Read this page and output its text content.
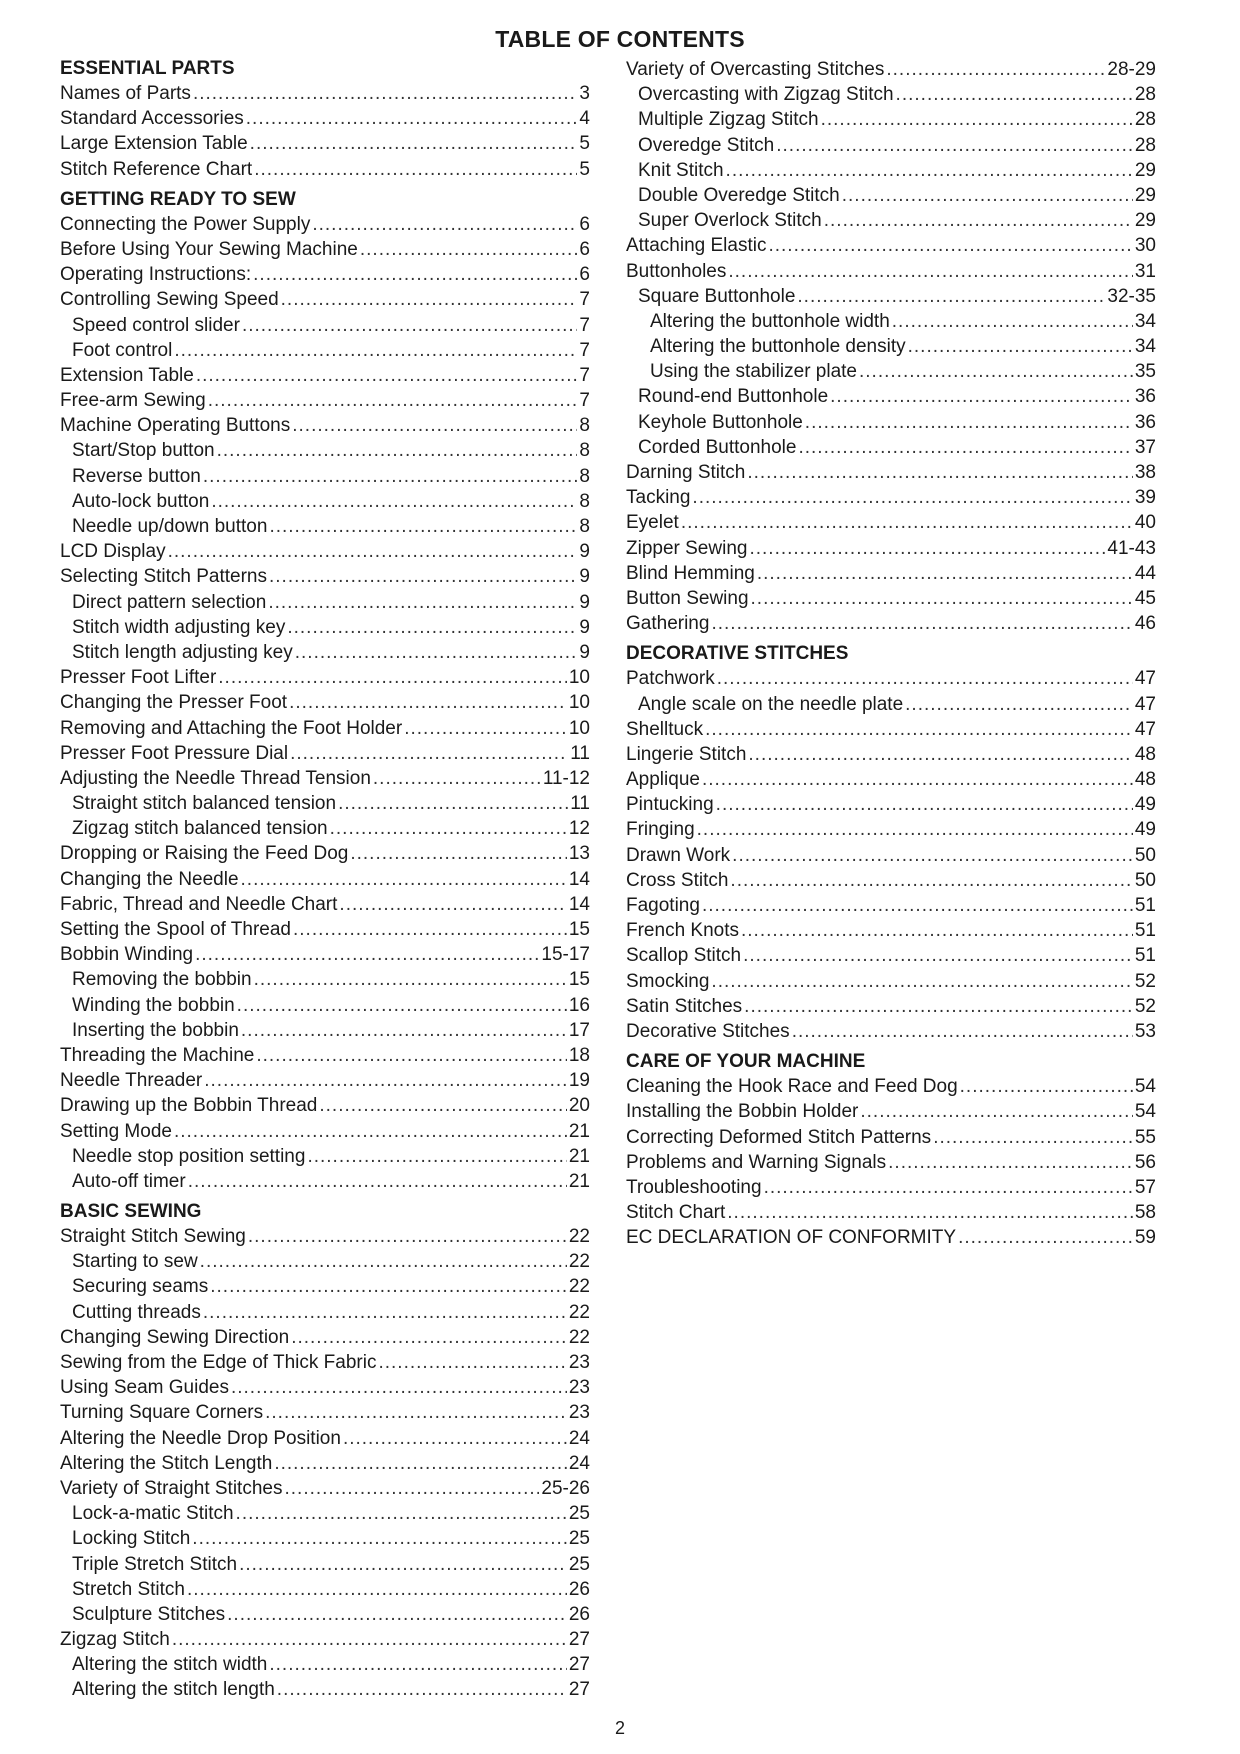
TABLE OF CONTENTS
ESSENTIAL PARTS
Names of Parts .....	3
Standard Accessories .....	4
Large Extension Table .....	5
Stitch Reference Chart .....	5
GETTING READY TO SEW
Connecting the Power Supply .....	6
Before Using Your Sewing Machine .....	6
Operating Instructions: .....	6
Controlling Sewing Speed .....	7
Speed control slider .....	7
Foot control .....	7
Extension Table .....	7
Free-arm Sewing .....	7
Machine Operating Buttons .....	8
Start/Stop button .....	8
Reverse button .....	8
Auto-lock button .....	8
Needle up/down button .....	8
LCD Display .....	9
Selecting Stitch Patterns .....	9
Direct pattern selection .....	9
Stitch width adjusting key .....	9
Stitch length adjusting key .....	9
Presser Foot Lifter .....	10
Changing the Presser Foot .....	10
Removing and Attaching the Foot Holder .....	10
Presser Foot Pressure Dial .....	11
Adjusting the Needle Thread Tension .....	11-12
Straight stitch balanced tension .....	11
Zigzag stitch balanced tension .....	12
Dropping or Raising the Feed Dog .....	13
Changing the Needle .....	14
Fabric, Thread and Needle Chart .....	14
Setting the Spool of Thread .....	15
Bobbin Winding .....	15-17
Removing the bobbin .....	15
Winding the bobbin .....	16
Inserting the bobbin .....	17
Threading the Machine .....	18
Needle Threader .....	19
Drawing up the Bobbin Thread .....	20
Setting Mode .....	21
Needle stop position setting .....	21
Auto-off timer .....	21
BASIC SEWING
Straight Stitch Sewing .....	22
Starting to sew .....	22
Securing seams .....	22
Cutting threads .....	22
Changing Sewing Direction .....	22
Sewing from the Edge of Thick Fabric .....	23
Using Seam Guides .....	23
Turning Square Corners .....	23
Altering the Needle Drop Position .....	24
Altering the Stitch Length .....	24
Variety of Straight Stitches .....	25-26
Lock-a-matic Stitch .....	25
Locking Stitch .....	25
Triple Stretch Stitch .....	25
Stretch Stitch .....	26
Sculpture Stitches .....	26
Zigzag Stitch .....	27
Altering the stitch width .....	27
Altering the stitch length .....	27
Variety of Overcasting Stitches .....	28-29
Overcasting with Zigzag Stitch .....	28
Multiple Zigzag Stitch .....	28
Overedge Stitch .....	28
Knit Stitch .....	29
Double Overedge Stitch .....	29
Super Overlock Stitch .....	29
Attaching Elastic .....	30
Buttonholes .....	31
Square Buttonhole .....	32-35
Altering the buttonhole width .....	34
Altering the buttonhole density .....	34
Using the stabilizer plate .....	35
Round-end Buttonhole .....	36
Keyhole Buttonhole .....	36
Corded Buttonhole .....	37
Darning Stitch .....	38
Tacking .....	39
Eyelet .....	40
Zipper Sewing .....	41-43
Blind Hemming .....	44
Button Sewing .....	45
Gathering .....	46
DECORATIVE STITCHES
Patchwork .....	47
Angle scale on the needle plate .....	47
Shelltuck .....	47
Lingerie Stitch .....	48
Applique .....	48
Pintucking .....	49
Fringing .....	49
Drawn Work .....	50
Cross Stitch .....	50
Fagoting .....	51
French Knots .....	51
Scallop Stitch .....	51
Smocking .....	52
Satin Stitches .....	52
Decorative Stitches .....	53
CARE OF YOUR MACHINE
Cleaning the Hook Race and Feed Dog .....	54
Installing the Bobbin Holder .....	54
Correcting Deformed Stitch Patterns .....	55
Problems and Warning Signals .....	56
Troubleshooting .....	57
Stitch Chart .....	58
EC DECLARATION OF CONFORMITY .....	59
2
